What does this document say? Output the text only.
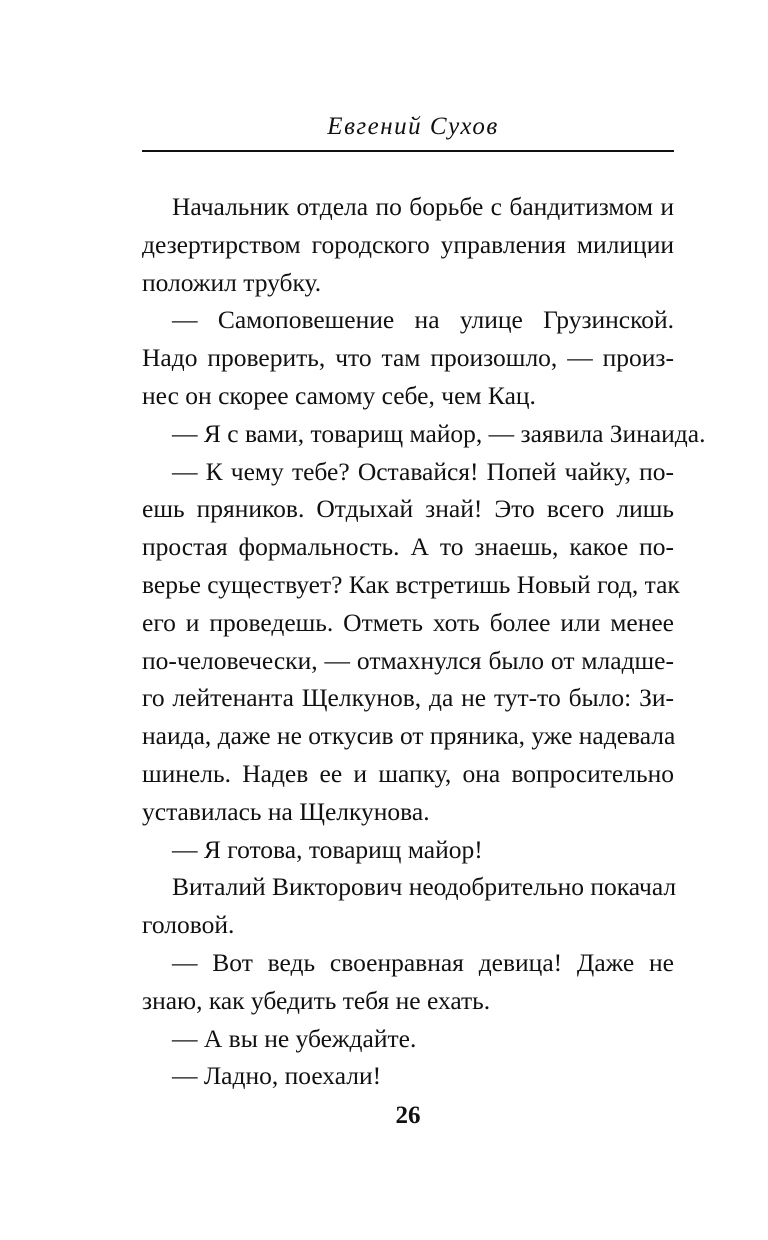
Евгений Сухов

Начальник отдела по борьбе с бандитизмом и
дезертирством городского управления милиции
положил трубку.

— Самоповешение на улице Грузинской.
Надо проверить, что там произошло, — произ-
нес он скорее самому себе, чем Кац.

— Я с вами, товарищ майор, — заявила Зинаида.

— К чему тебе? Оставайся! Попей чайку, по-
ешь пряников. Отдыхай знай! Это всего лишь
простая формальность. А то знаешь, какое по-
верье существует? Как встретишь Новый год, так
его и проведешь. Отметь хоть более или менее
по-человечески, — отмахнулся было от младше-
го лейтенанта Щелкунов, да не тут-то было: Зи-
наида, даже не откусив от пряника, уже надевала
шинель. Надев ее и шапку, она вопросительно
уставилась на Щелкунова.

— Я готова, товарищ майор!

Виталий Викторович неодобрительно покачал
головой.

— Вот ведь своенравная девица! Даже не
знаю, как убедить тебя не ехать.

— А вы не убеждайте.

— Ладно, поехали!

26
